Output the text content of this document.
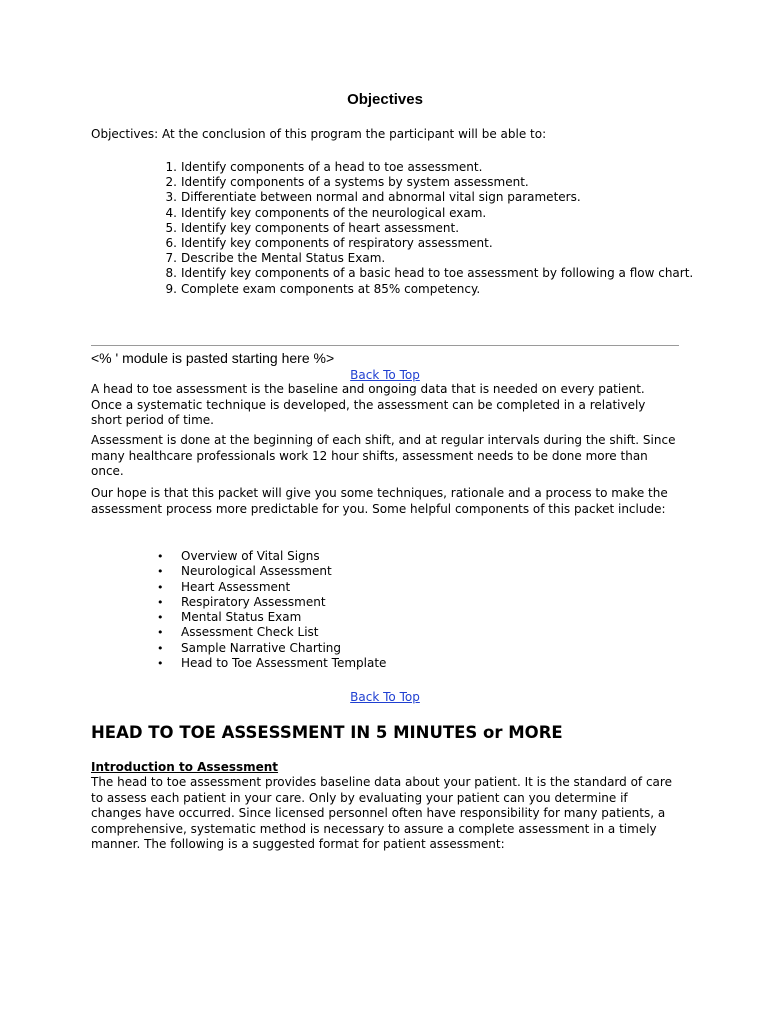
Objectives

Objectives: At the conclusion of this program the participant will be able to:

Identify components of a head to toe assessment.
Identify components of a systems by system assessment.
Differentiate between normal and abnormal vital sign parameters.
Identify key components of the neurological exam.
Identify key components of heart assessment.
Identify key components of respiratory assessment.
Describe the Mental Status Exam.
Identify key components of a basic head to toe assessment by following a flow chart.
Complete exam components at 85% competency.

<% ' module is pasted starting here %>

Back To Top

A head to toe assessment is the baseline and ongoing data that is needed on every patient. Once a systematic technique is developed, the assessment can be completed in a relatively short period of time.

Assessment is done at the beginning of each shift, and at regular intervals during the shift. Since many healthcare professionals work 12 hour shifts, assessment needs to be done more than once.

Our hope is that this packet will give you some techniques, rationale and a process to make the assessment process more predictable for you. Some helpful components of this packet include:

• Overview of Vital Signs
• Neurological Assessment
• Heart Assessment
• Respiratory Assessment
• Mental Status Exam
• Assessment Check List
• Sample Narrative Charting
• Head to Toe Assessment Template

Back To Top

HEAD TO TOE ASSESSMENT IN 5 MINUTES or MORE

Introduction to Assessment

The head to toe assessment provides baseline data about your patient. It is the standard of care to assess each patient in your care. Only by evaluating your patient can you determine if changes have occurred. Since licensed personnel often have responsibility for many patients, a comprehensive, systematic method is necessary to assure a complete assessment in a timely manner. The following is a suggested format for patient assessment:
